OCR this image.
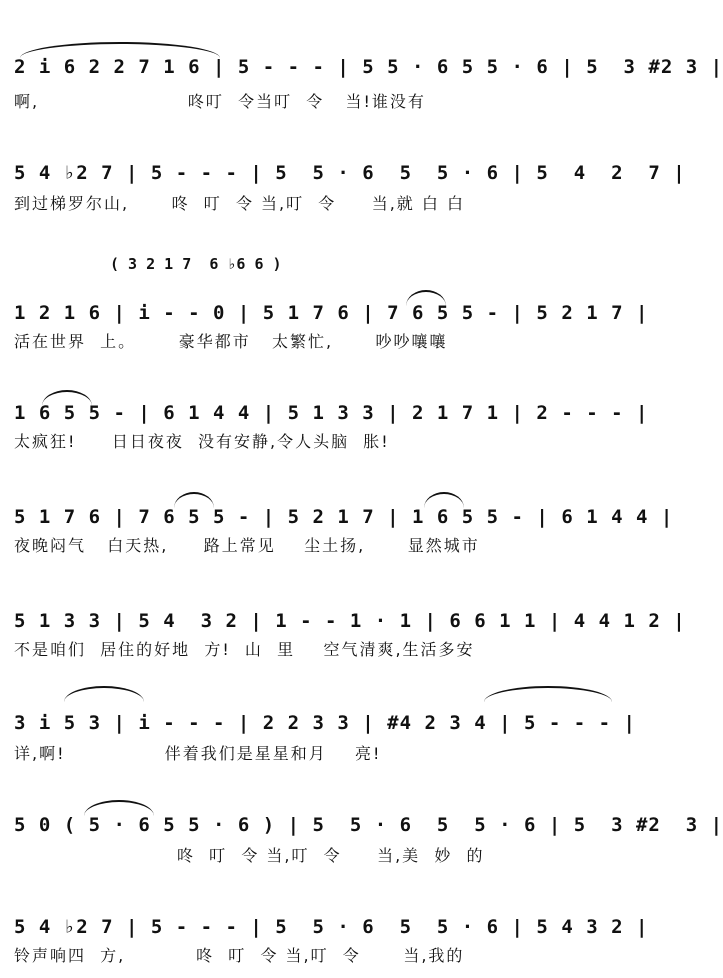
2 i 6 2 2 7 1 6 | 5 - - - | 5 5 · 6 5 5 · 6 | 5  3 #2 3 |
啊,                     咚叮  令当叮  令   当!谁没有
5 4 ♭2 7 | 5 - - - | 5  5 · 6  5  5 · 6 | 5  4  2  7 |
到过梯罗尔山,      咚  叮  令 当,叮  令     当,就 白 白
( 3 2 1 7  6 ♭6 6 )
1 2 1 6 | i - - 0 | 5 1 7 6 | 7 6 5 5 - | 5 2 1 7 |
活在世界  上。      豪华都市   太繁忙,      吵吵嚷嚷
1 6 5 5 - | 6 1 4 4 | 5 1 3 3 | 2 1 7 1 | 2 - - - |
太疯狂!     日日夜夜  没有安静,令人头脑  胀!
5 1 7 6 | 7 6 5 5 - | 5 2 1 7 | 1 6 5 5 - | 6 1 4 4 |
夜晚闷气   白天热,     路上常见    尘土扬,      显然城市
5 1 3 3 | 5 4  3 2 | 1 - - 1 · 1 | 6 6 1 1 | 4 4 1 2 |
不是咱们  居住的好地  方!  山  里    空气清爽,生活多安
3 i 5 3 | i - - - | 2 2 3 3 | #4 2 3 4 | 5 - - - |
详,啊!              伴着我们是星星和月    亮!
5 0 ( 5 · 6 5 5 · 6 ) | 5  5 · 6  5  5 · 6 | 5  3 #2  3 |
咚  叮  令 当,叮  令     当,美  妙  的
5 4 ♭2 7 | 5 - - - | 5  5 · 6  5  5 · 6 | 5 4 3 2 |
铃声响四  方,          咚  叮  令 当,叮  令      当,我的
